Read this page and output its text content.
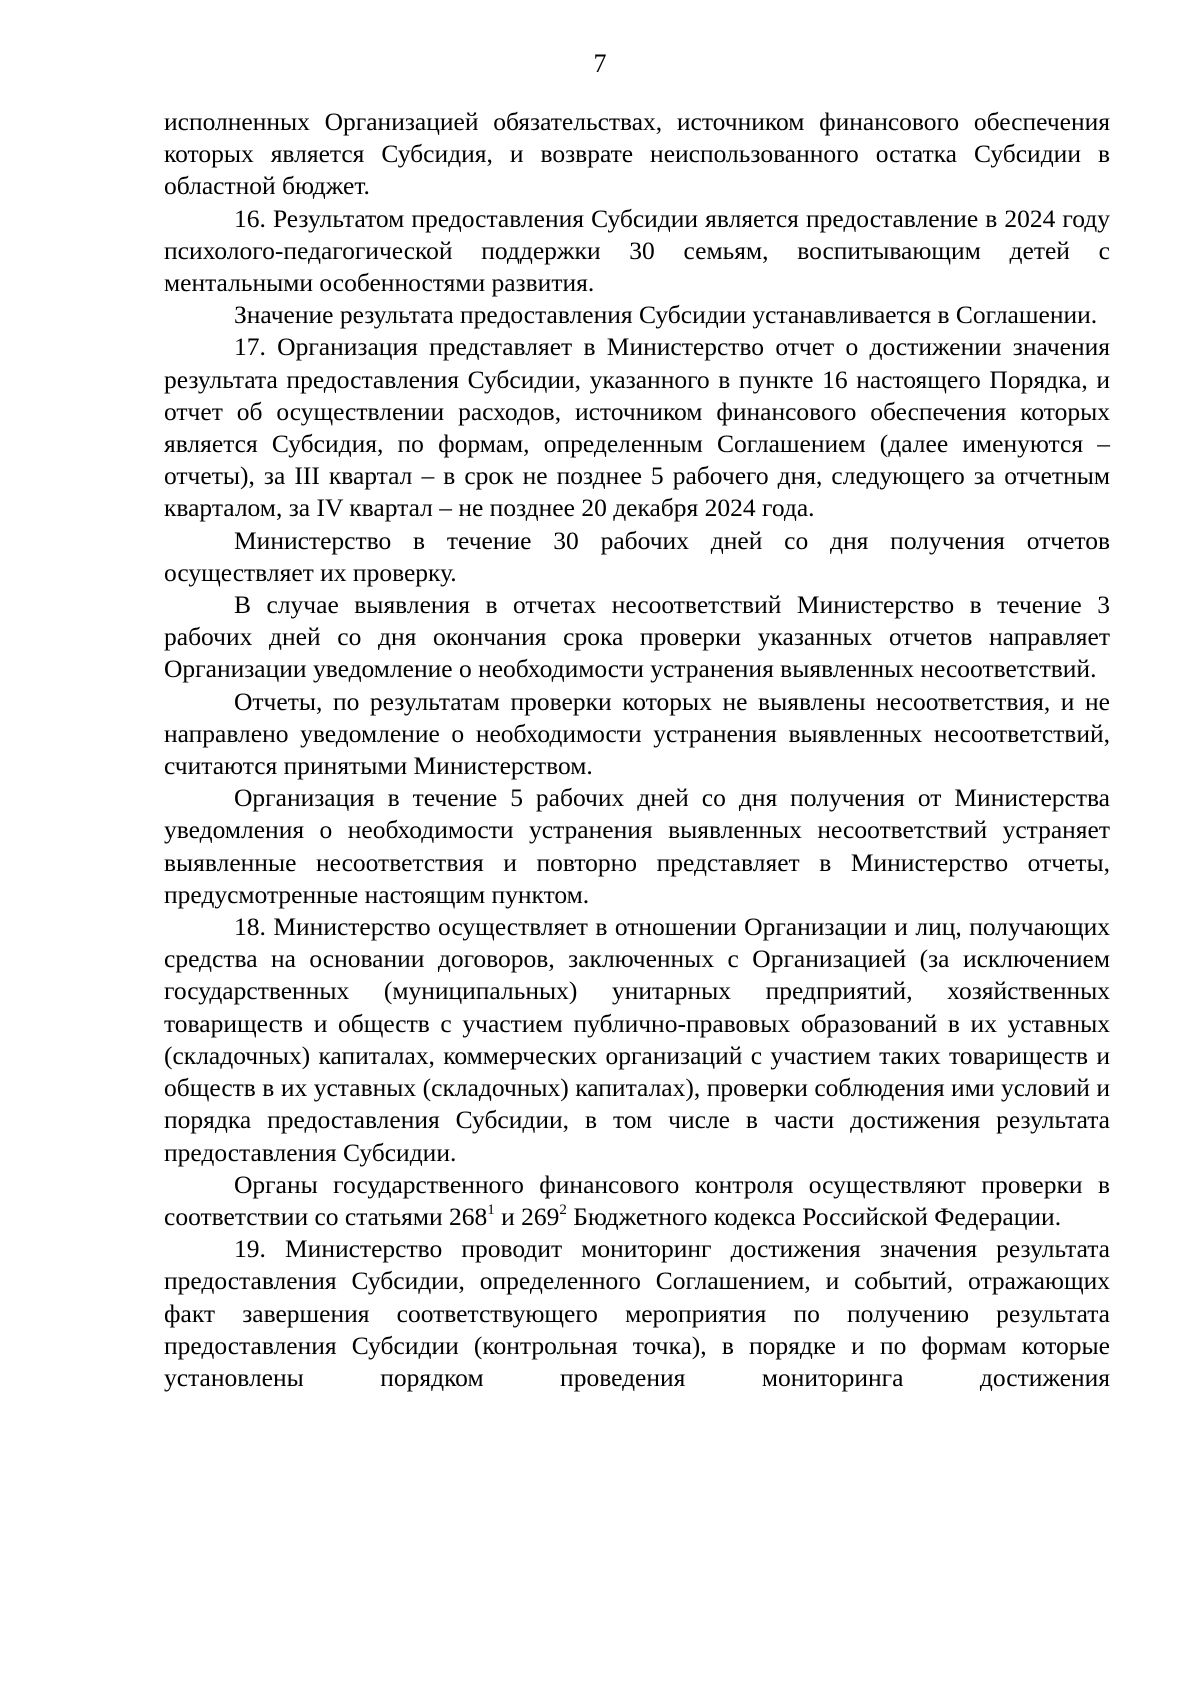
7

исполненных Организацией обязательствах, источником финансового обеспечения которых является Субсидия, и возврате неиспользованного остатка Субсидии в областной бюджет.

16. Результатом предоставления Субсидии является предоставление в 2024 году психолого-педагогической поддержки 30 семьям, воспитывающим детей с ментальными особенностями развития.

Значение результата предоставления Субсидии устанавливается в Соглашении.

17. Организация представляет в Министерство отчет о достижении значения результата предоставления Субсидии, указанного в пункте 16 настоящего Порядка, и отчет об осуществлении расходов, источником финансового обеспечения которых является Субсидия, по формам, определенным Соглашением (далее именуются – отчеты), за III квартал – в срок не позднее 5 рабочего дня, следующего за отчетным кварталом, за IV квартал – не позднее 20 декабря 2024 года.

Министерство в течение 30 рабочих дней со дня получения отчетов осуществляет их проверку.

В случае выявления в отчетах несоответствий Министерство в течение 3 рабочих дней со дня окончания срока проверки указанных отчетов направляет Организации уведомление о необходимости устранения выявленных несоответствий.

Отчеты, по результатам проверки которых не выявлены несоответствия, и не направлено уведомление о необходимости устранения выявленных несоответствий, считаются принятыми Министерством.

Организация в течение 5 рабочих дней со дня получения от Министерства уведомления о необходимости устранения выявленных несоответствий устраняет выявленные несоответствия и повторно представляет в Министерство отчеты, предусмотренные настоящим пунктом.

18. Министерство осуществляет в отношении Организации и лиц, получающих средства на основании договоров, заключенных с Организацией (за исключением государственных (муниципальных) унитарных предприятий, хозяйственных товариществ и обществ с участием публично-правовых образований в их уставных (складочных) капиталах, коммерческих организаций с участием таких товариществ и обществ в их уставных (складочных) капиталах), проверки соблюдения ими условий и порядка предоставления Субсидии, в том числе в части достижения результата предоставления Субсидии.

Органы государственного финансового контроля осуществляют проверки в соответствии со статьями $268^1$ и $269^2$ Бюджетного кодекса Российской Федерации.

19. Министерство проводит мониторинг достижения значения результата предоставления Субсидии, определенного Соглашением, и событий, отражающих факт завершения соответствующего мероприятия по получению результата предоставления Субсидии (контрольная точка), в порядке и по формам которые установлены порядком проведения мониторинга достижения
